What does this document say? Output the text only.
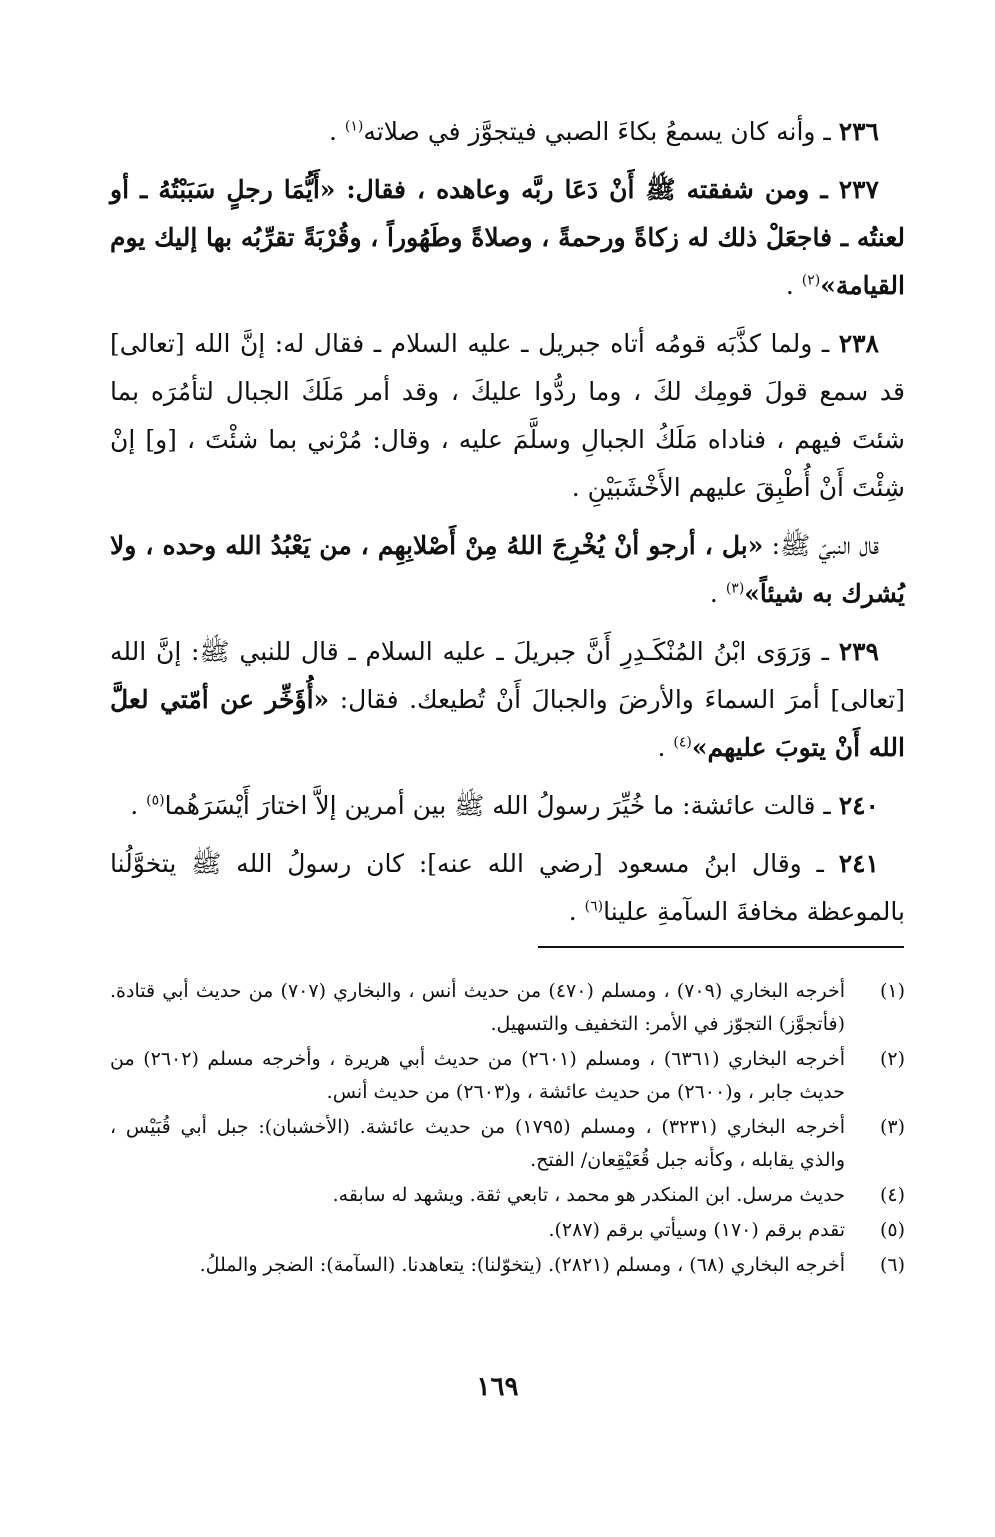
٢٣٦ ـ وأنه كان يسمعُ بكاءَ الصبي فيتجوَّز في صلاته$^{(١)}$ .

٢٣٧ ـ ومن شفقته ﷺ أَنْ دَعَا ربَّه وعاهده ، فقال: «أَيُّمَا رجلٍ سَبَبْتُهُ ـ أو لعنتُه ـ فاجعَلْ ذلك له زكاةً ورحمةً ، وصلاةً وطَهُوراً ، وقُرْبَةً تقرِّبُه بها إليك يوم القيامة»$^{(٢)}$ .

٢٣٨ ـ ولما كذَّبَه قومُه أتاه جبريل ـ عليه السلام ـ فقال له: إنَّ الله [تعالى] قد سمع قولَ قومِك لكَ ، وما ردُّوا عليكَ ، وقد أمر مَلَكَ الجبال لتأمُرَه بما شئتَ فيهم ، فناداه مَلَكُ الجبالِ وسلَّمَ عليه ، وقال: مُرْني بما شئْتَ ، [و] إنْ شِئْتَ أَنْ أُطْبِقَ عليهم الأَخْشَبَيْنِ .

قال النبيّ ﷺ: «بل ، أرجو أنْ يُخْرِجَ اللهُ مِنْ أَصْلابِهِم ، من يَعْبُدُ الله وحده ، ولا يُشرك به شيئاً»$^{(٣)}$ .

٢٣٩ ـ وَرَوَى ابْنُ المُنْكَـدِرِ أَنَّ جبريلَ ـ عليه السلام ـ قال للنبي ﷺ: إنَّ الله [تعالى] أمرَ السماءَ والأرضَ والجبالَ أَنْ تُطيعك. فقال: «أُؤَخِّر عن أمّتي لعلَّ الله أَنْ يتوبَ عليهم»$^{(٤)}$ .

٢٤٠ ـ قالت عائشة: ما خُيِّرَ رسولُ الله ﷺ بين أمرين إلاَّ اختارَ أَيْسَرَهُما$^{(٥)}$ .

٢٤١ ـ وقال ابنُ مسعود [رضي الله عنه]: كان رسولُ الله ﷺ يتخوَّلُنا بالموعظة مخافةَ السآمةِ علينا$^{(٦)}$ .

(١)
أخرجه البخاري (٧٠٩) ، ومسلم (٤٧٠) من حديث أنس ، والبخاري (٧٠٧) من حديث أبي قتادة. (فأتجوَّز) التجوّز في الأمر: التخفيف والتسهيل.
(٢)
أخرجه البخاري (٦٣٦١) ، ومسلم (٢٦٠١) من حديث أبي هريرة ، وأخرجه مسلم (٢٦٠٢) من حديث جابر ، و(٢٦٠٠) من حديث عائشة ، و(٢٦٠٣) من حديث أنس.
(٣)
أخرجه البخاري (٣٢٣١) ، ومسلم (١٧٩٥) من حديث عائشة. (الأخشبان): جبل أبي قُبَيْس ، والذي يقابله ، وكأنه جبل قُعَيْقِعان/ الفتح.
(٤)
حديث مرسل. ابن المنكدر هو محمد ، تابعي ثقة. ويشهد له سابقه.
(٥)
تقدم برقم (١٧٠) وسيأتي برقم (٢٨٧).
(٦)
أخرجه البخاري (٦٨) ، ومسلم (٢٨٢١). (يتخوّلنا): يتعاهدنا. (السآمة): الضجر والمللُ.
١٦٩
